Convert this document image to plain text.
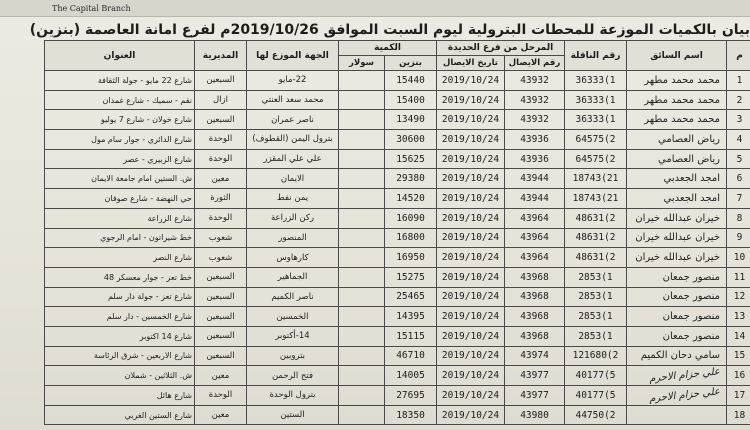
The Capital Branch
بيان بالكميات الموزعة للمحطات البترولية ليوم السبت الموافق 2019/10/26م لفرع امانة العاصمة (بنزين)
م	اسم السائق	رقم الناقلة	المرحل من فرع الحديدة		الكمية		الجهة الموزع لها	المديرية	العنوان
			رقم الايصال	تاريخ الايصال	بنزين	سولار			
1	محمد محمد مطهر	36333(1	43932	2019/10/24	15440		22-مايو	السبعين	شارع 22 مايو - جولة الثقافة
2	محمد محمد مطهر	36333(1	43932	2019/10/24	15400		محمد سعد العنتي	ازال	نقم - سميك - شارع غمدان
3	محمد محمد مطهر	36333(1	43932	2019/10/24	13490		ناصر عمران	السبعين	شارع خولان - شارع 7 يوليو
4	رياض العصامي	64575(2	43936	2019/10/24	30600		بترول اليمن (القطوف)	الوحدة	شارع الدائري - جوار سام مول
5	رياض العصامي	64575(2	43936	2019/10/24	15625		علي علي المقزر	الوحدة	شارع الزبيري - عصر
6	امجد الجعدبي	18743(21	43944	2019/10/24	29380		الايمان	معين	ش. الستين امام جامعة الايمان
7	امجد الجعدبي	18743(21	43944	2019/10/24	14520		يمن نفط	الثورة	حي النهضة - شارع صوفان
8	خيران عبدالله خيران	48631(2	43964	2019/10/24	16090		ركن الزراعة	الوحدة	شارع الزراعة
9	خيران عبدالله خيران	48631(2	43964	2019/10/24	16800		المنصور	شعوب	خط شيراتون - امام الرجوي
10	خيران عبدالله خيران	48631(2	43964	2019/10/24	16950		كارهاوس	شعوب	شارع النصر
11	منصور جمعان	2853(1	43968	2019/10/24	15275		الجماهير	السبعين	خط تعز - جوار معسكر 48
12	منصور جمعان	2853(1	43968	2019/10/24	25465		ناصر الكميم	السبعين	شارع تعز - جولة دار سلم
13	منصور جمعان	2853(1	43968	2019/10/24	14395		الخمسين	السبعين	شارع الخمسين - دار سلم
14	منصور جمعان	2853(1	43968	2019/10/24	15115		14-أكتوبر	السبعين	شارع 14 اكتوبر
15	سامي دحان الكميم	121680(2	43974	2019/10/24	46710		بتروبين	السبعين	شارع الاربعين - شرق الرئاسة
16	علي حزام الاحرم	40177(5	43977	2019/10/24	14005		فتح الرحمن	معين	ش. الثلاثين - شملان
17	علي حزام الاحرم	40177(5	43977	2019/10/24	27695		بترول الوحدة	الوحدة	شارع هائل
18		44750(2	43980	2019/10/24	18350		الستين	معين	شارع الستين الغربي
